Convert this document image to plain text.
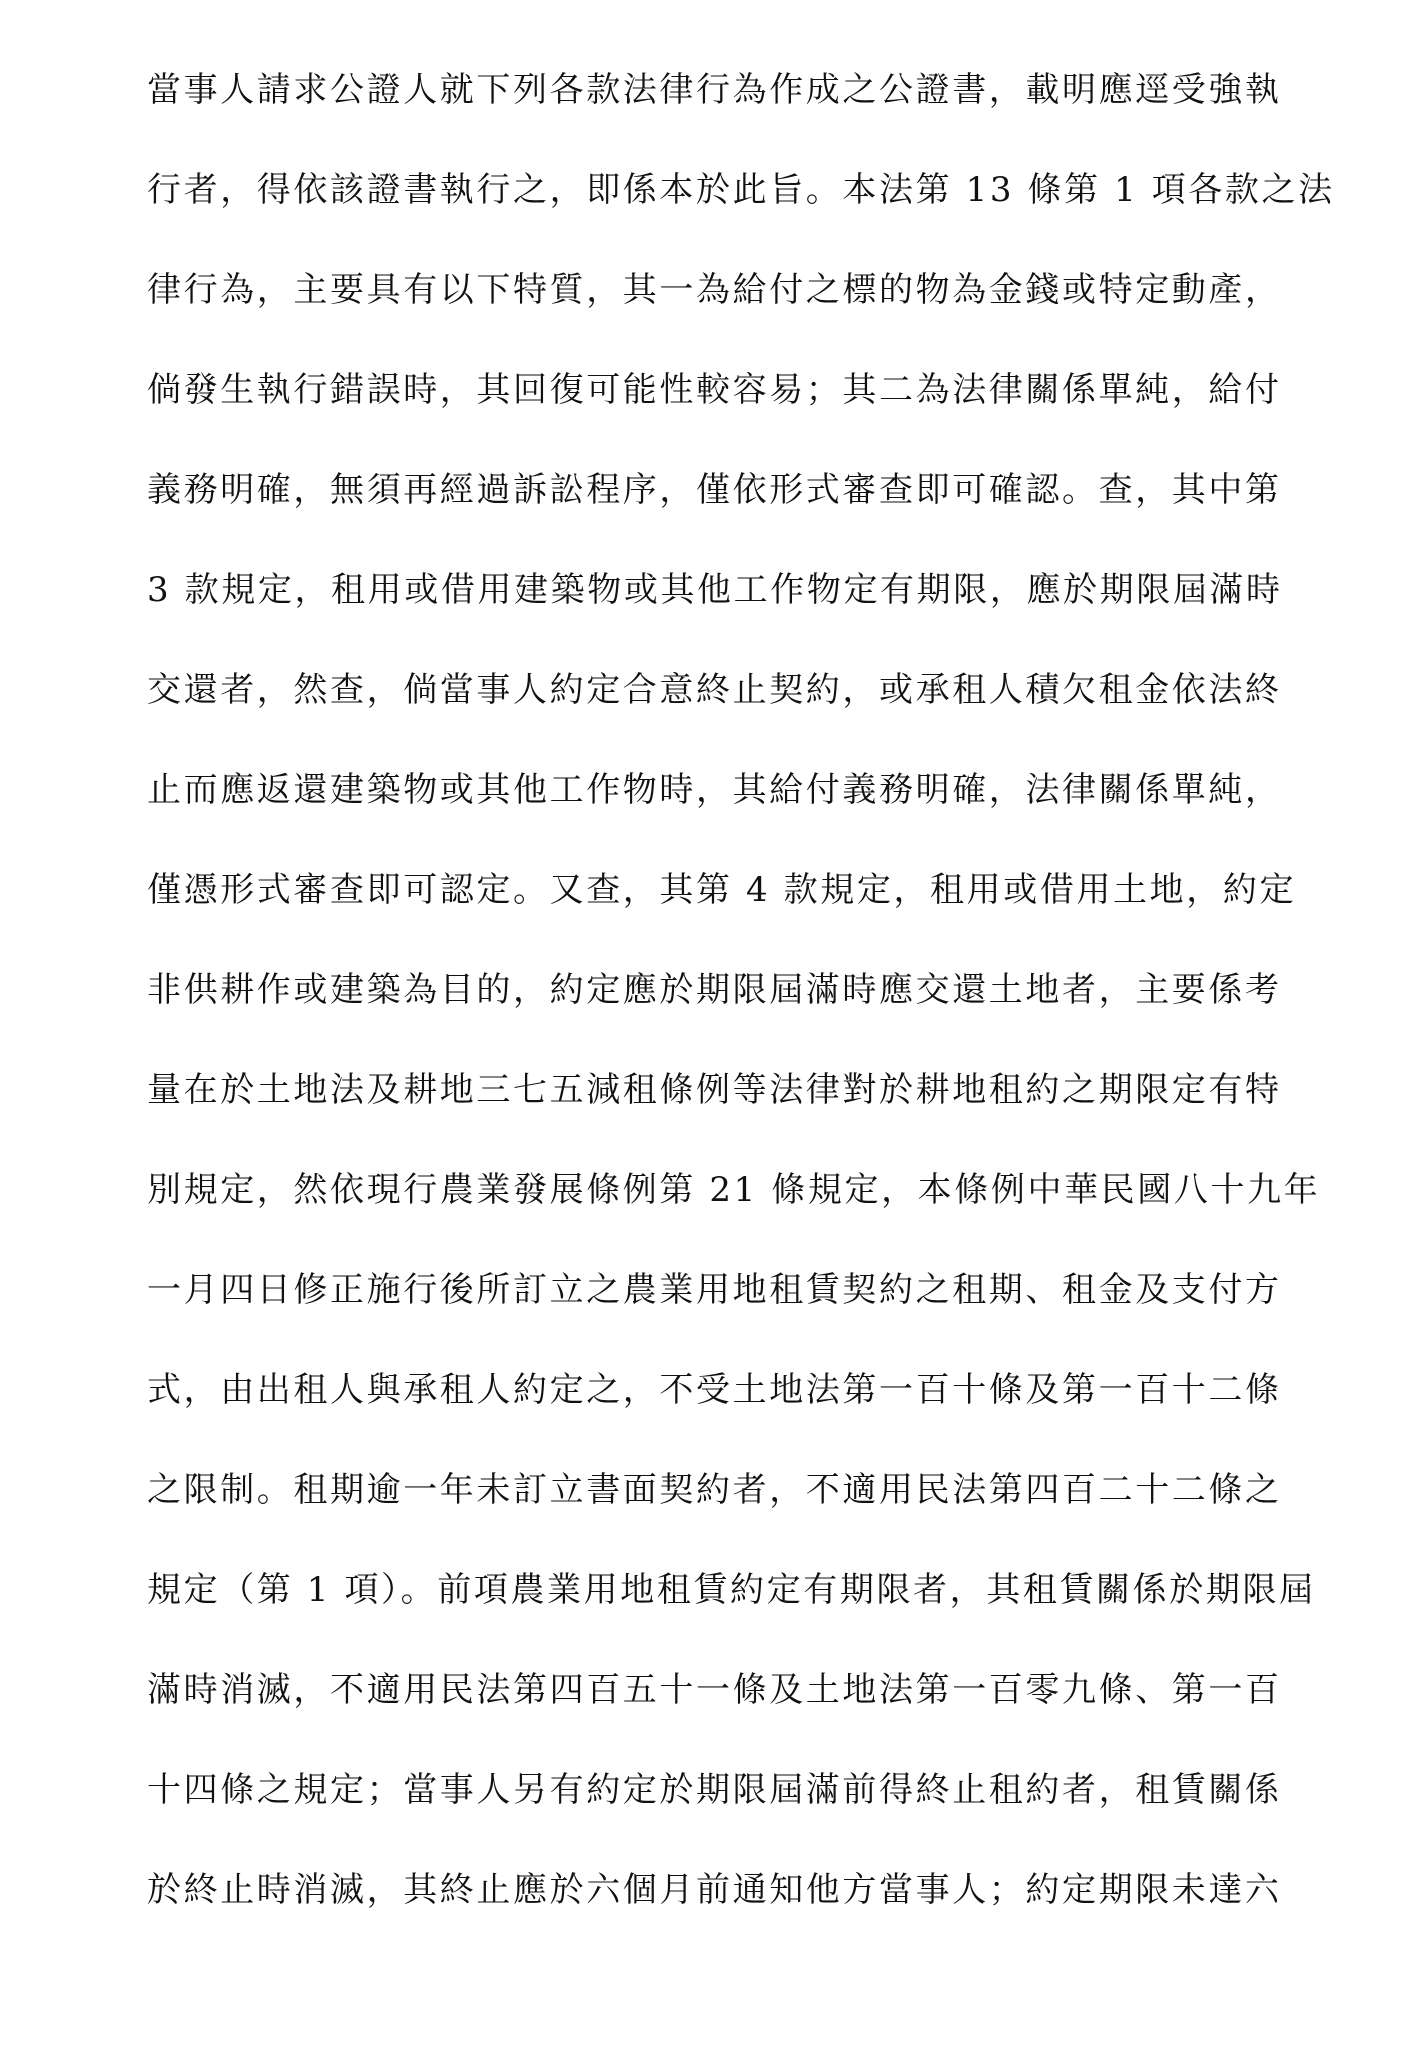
當事人請求公證人就下列各款法律行為作成之公證書，載明應逕受強執
行者，得依該證書執行之，即係本於此旨。本法第 13 條第 1 項各款之法
律行為，主要具有以下特質，其一為給付之標的物為金錢或特定動產，
倘發生執行錯誤時，其回復可能性較容易；其二為法律關係單純，給付
義務明確，無須再經過訴訟程序，僅依形式審查即可確認。查，其中第
3 款規定，租用或借用建築物或其他工作物定有期限，應於期限屆滿時
交還者，然查，倘當事人約定合意終止契約，或承租人積欠租金依法終
止而應返還建築物或其他工作物時，其給付義務明確，法律關係單純，
僅憑形式審查即可認定。又查，其第 4 款規定，租用或借用土地，約定
非供耕作或建築為目的，約定應於期限屆滿時應交還土地者，主要係考
量在於土地法及耕地三七五減租條例等法律對於耕地租約之期限定有特
別規定，然依現行農業發展條例第 21 條規定，本條例中華民國八十九年
一月四日修正施行後所訂立之農業用地租賃契約之租期、租金及支付方
式，由出租人與承租人約定之，不受土地法第一百十條及第一百十二條
之限制。租期逾一年未訂立書面契約者，不適用民法第四百二十二條之
規定（第 1 項）。前項農業用地租賃約定有期限者，其租賃關係於期限屆
滿時消滅，不適用民法第四百五十一條及土地法第一百零九條、第一百
十四條之規定；當事人另有約定於期限屆滿前得終止租約者，租賃關係
於終止時消滅，其終止應於六個月前通知他方當事人；約定期限未達六
